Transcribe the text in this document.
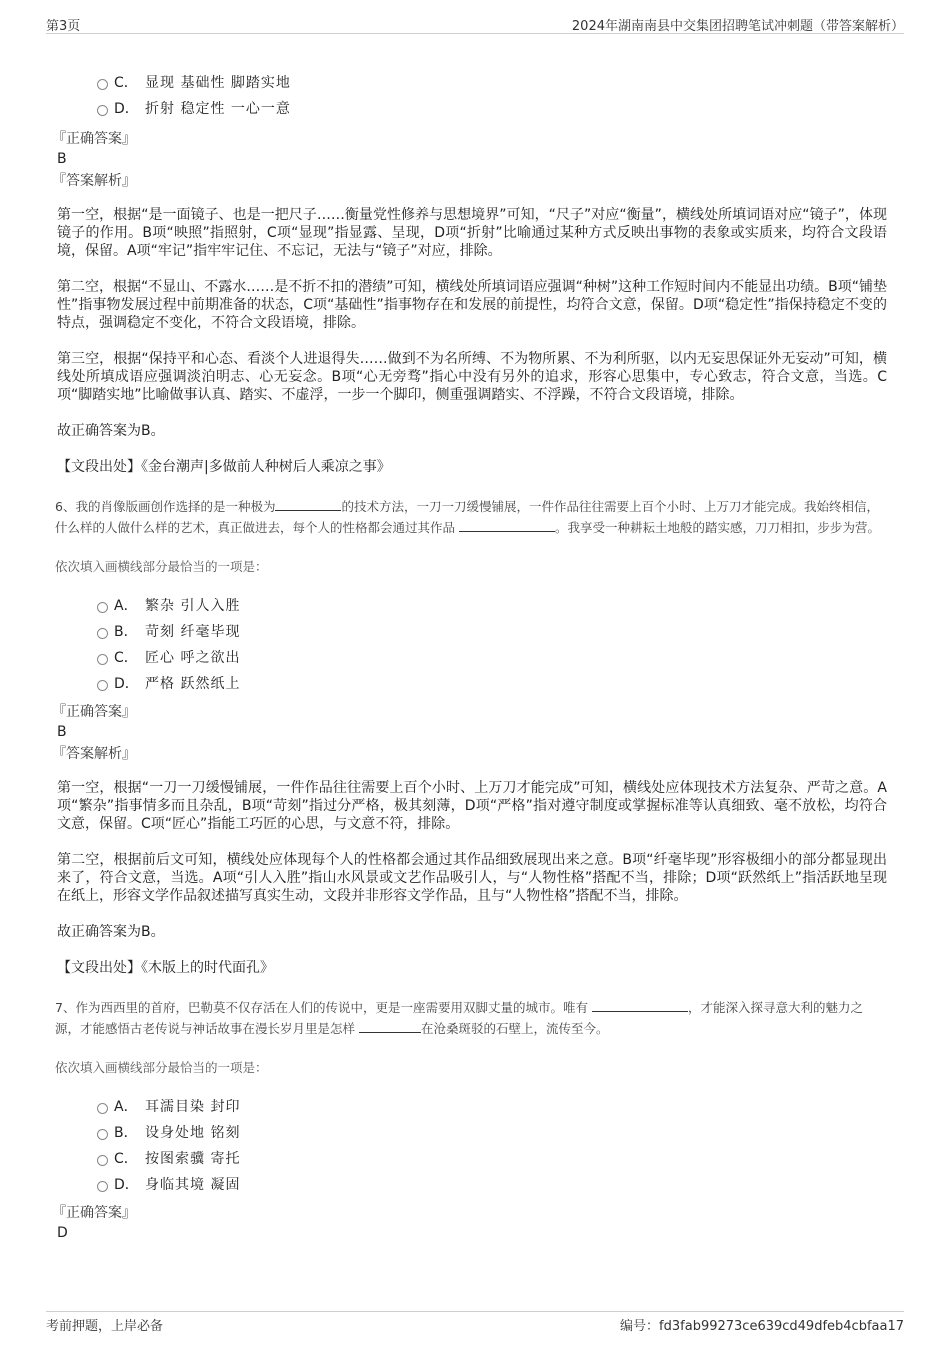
第3页	2024年湖南南县中交集团招聘笔试冲刺题（带答案解析）
C． 显现 基础性 脚踏实地
D． 折射 稳定性 一心一意
『正确答案』
B
『答案解析』

第一空，根据“是一面镜子、也是一把尺子……衡量党性修养与思想境界”可知，“尺子”对应“衡量”，横线处所填词语对应“镜子”，体现镜子的作用。B项“映照”指照射，C项“显现”指显露、呈现，D项“折射”比喻通过某种方式反映出事物的表象或实质来，均符合文段语境，保留。A项“牢记”指牢牢记住、不忘记，无法与“镜子”对应，排除。

第二空，根据“不显山、不露水……是不折不扣的潜绩”可知，横线处所填词语应强调“种树”这种工作短时间内不能显出功绩。B项“铺垫性”指事物发展过程中前期准备的状态，C项“基础性”指事物存在和发展的前提性，均符合文意，保留。D项“稳定性”指保持稳定不变的特点，强调稳定不变化，不符合文段语境，排除。

第三空，根据“保持平和心态、看淡个人进退得失……做到不为名所缚、不为物所累、不为利所驱，以内无妄思保证外无妄动”可知，横线处所填成语应强调淡泊明志、心无妄念。B项“心无旁骛”指心中没有另外的追求，形容心思集中，专心致志，符合文意，当选。C项“脚踏实地”比喻做事认真、踏实、不虚浮，一步一个脚印，侧重强调踏实、不浮躁，不符合文段语境，排除。

故正确答案为B。

【文段出处】《金台潮声|多做前人种树后人乘凉之事》

6、我的肖像版画创作选择的是一种极为	的技术方法，一刀一刀缓慢铺展，一件作品往往需要上百个小时、上万刀才能完成。我始终相信，什么样的人做什么样的艺术，真正做进去，每个人的性格都会通过其作品	。我享受一种耕耘土地般的踏实感，刀刀相扣，步步为营。

依次填入画横线部分最恰当的一项是：

A． 繁杂 引人入胜
B． 苛刻 纤毫毕现
C． 匠心 呼之欲出
D． 严格 跃然纸上
『正确答案』
B
『答案解析』

第一空，根据“一刀一刀缓慢铺展，一件作品往往需要上百个小时、上万刀才能完成”可知，横线处应体现技术方法复杂、严苛之意。A项“繁杂”指事情多而且杂乱，B项“苛刻”指过分严格，极其刻薄，D项“严格”指对遵守制度或掌握标准等认真细致、毫不放松，均符合文意，保留。C项“匠心”指能工巧匠的心思，与文意不符，排除。

第二空，根据前后文可知，横线处应体现每个人的性格都会通过其作品细致展现出来之意。B项“纤毫毕现”形容极细小的部分都显现出来了，符合文意，当选。A项“引人入胜”指山水风景或文艺作品吸引人，与“人物性格”搭配不当，排除；D项“跃然纸上”指活跃地呈现在纸上，形容文学作品叙述描写真实生动，文段并非形容文学作品，且与“人物性格”搭配不当，排除。

故正确答案为B。

【文段出处】《木版上的时代面孔》

7、作为西西里的首府，巴勒莫不仅存活在人们的传说中，更是一座需要用双脚丈量的城市。唯有	，才能深入探寻意大利的魅力之源，才能感悟古老传说与神话故事在漫长岁月里是怎样	在沧桑斑驳的石壁上，流传至今。

依次填入画横线部分最恰当的一项是：

A． 耳濡目染 封印
B． 设身处地 铭刻
C． 按图索骥 寄托
D． 身临其境 凝固
『正确答案』
D
考前押题，上岸必备	编号：fd3fab99273ce639cd49dfeb4cbfaa17
